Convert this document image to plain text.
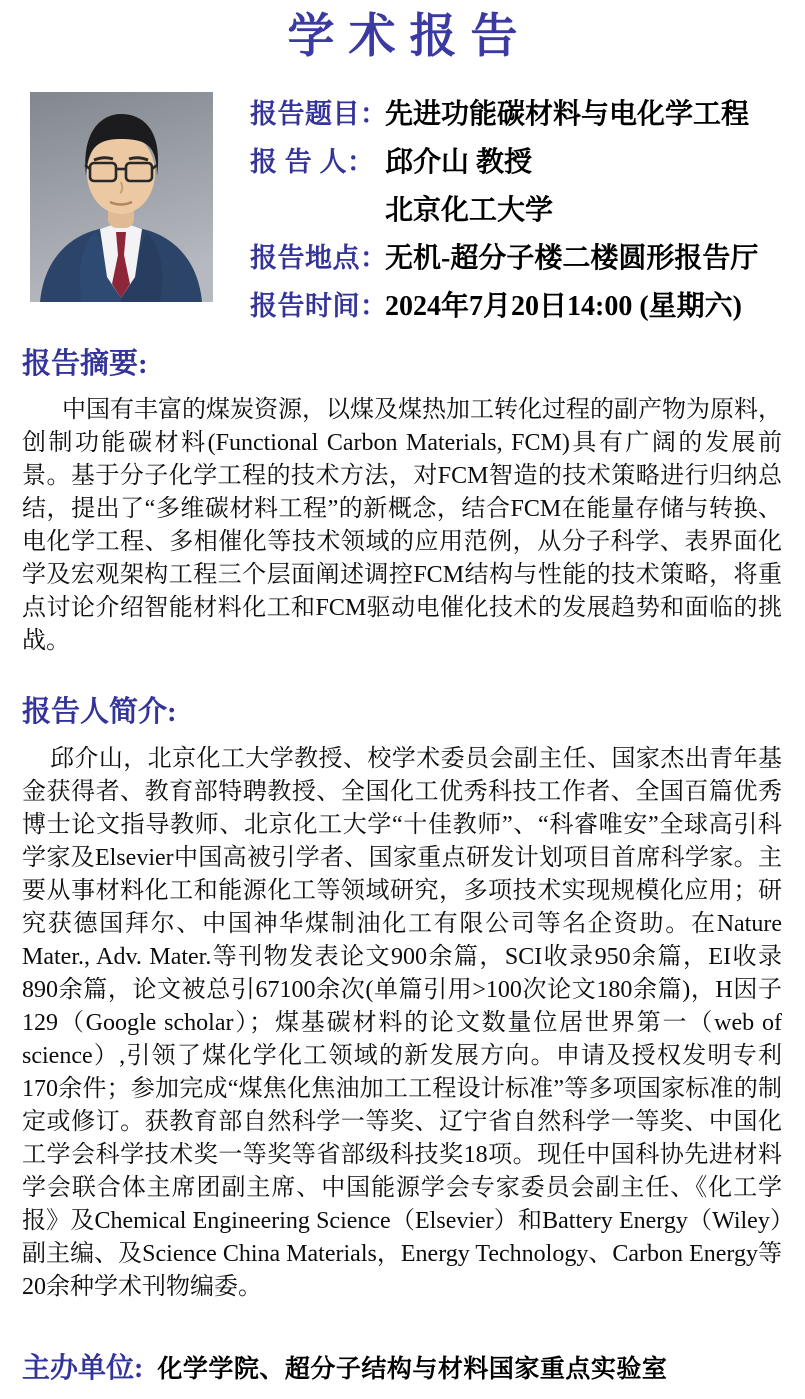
学术报告
报告题目：
先进功能碳材料与电化学工程
报 告 人： 邱介山 教授
北京化工大学
报告地点：
无机-超分子楼二楼圆形报告厅
报告时间：
2024年7月20日14:00 (星期六)
报告摘要:

中国有丰富的煤炭资源，以煤及煤热加工转化过程的副产物为原料，创制功能碳材料(Functional Carbon Materials, FCM)具有广阔的发展前景。基于分子化学工程的技术方法，对FCM智造的技术策略进行归纳总结，提出了“多维碳材料工程”的新概念，结合FCM在能量存储与转换、电化学工程、多相催化等技术领域的应用范例，从分子科学、表界面化学及宏观架构工程三个层面阐述调控FCM结构与性能的技术策略，将重点讨论介绍智能材料化工和FCM驱动电催化技术的发展趋势和面临的挑战。

报告人简介:

邱介山，北京化工大学教授、校学术委员会副主任、国家杰出青年基金获得者、教育部特聘教授、全国化工优秀科技工作者、全国百篇优秀博士论文指导教师、北京化工大学“十佳教师”、“科睿唯安”全球高引科学家及Elsevier中国高被引学者、国家重点研发计划项目首席科学家。主要从事材料化工和能源化工等领域研究，多项技术实现规模化应用；研究获德国拜尔、中国神华煤制油化工有限公司等名企资助。在Nature Mater., Adv. Mater.等刊物发表论文900余篇，SCI收录950余篇，EI收录890余篇，论文被总引67100余次(单篇引用>100次论文180余篇)，H因子129（Google scholar）；煤基碳材料的论文数量位居世界第一（web of science）,引领了煤化学化工领域的新发展方向。申请及授权发明专利170余件；参加完成“煤焦化焦油加工工程设计标准”等多项国家标准的制定或修订。获教育部自然科学一等奖、辽宁省自然科学一等奖、中国化工学会科学技术奖一等奖等省部级科技奖18项。现任中国科协先进材料学会联合体主席团副主席、中国能源学会专家委员会副主任、《化工学报》及Chemical Engineering Science（Elsevier）和Battery Energy（Wiley）副主编、及Science China Materials，Energy Technology、Carbon Energy等20余种学术刊物编委。

主办单位: 化学学院、超分子结构与材料国家重点实验室
